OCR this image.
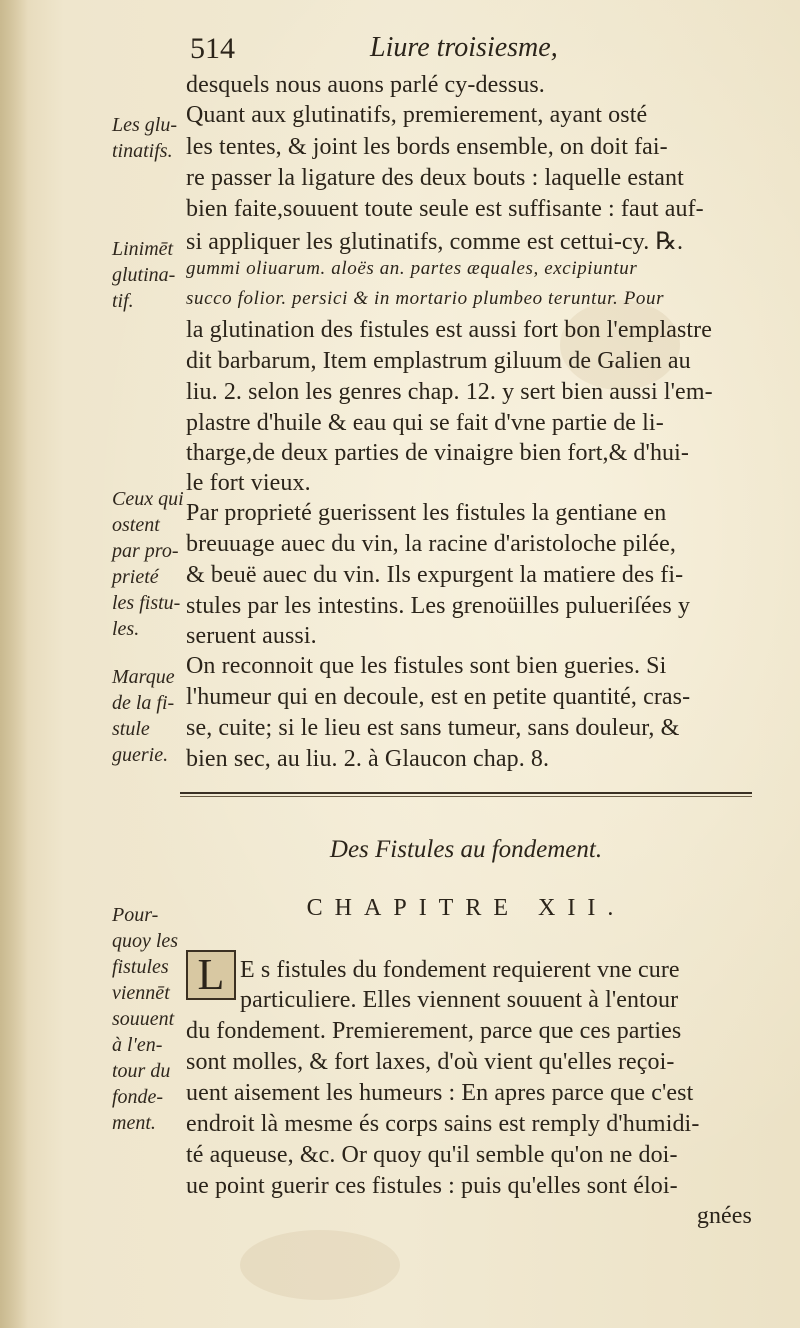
514	Liure troisiesme,
desquels nous auons parlé cy-dessus.
Quant aux glutinatifs, premierement, ayant osté
les tentes, & joint les bords ensemble, on doit fai-
re passer la ligature des deux bouts : laquelle estant
bien faite,souuent toute seule est suffisante : faut auf-
si appliquer les glutinatifs, comme est cettui-cy. ℞.
gummi oliuarum. aloës an. partes æquales, excipiuntur
succo folior. persici & in mortario plumbeo teruntur. Pour
la glutination des fistules est aussi fort bon l'emplastre
dit barbarum, Item emplastrum giluum de Galien au
liu. 2. selon les genres chap. 12. y sert bien aussi l'em-
plastre d'huile & eau qui se fait d'vne partie de li-
tharge,de deux parties de vinaigre bien fort,& d'hui-
le fort vieux.
Par proprieté guerissent les fistules la gentiane en
breuuage auec du vin, la racine d'aristoloche pilée,
& beuë auec du vin. Ils expurgent la matiere des fi-
stules par les intestins. Les grenoüilles pulueriſées y
seruent aussi.
On reconnoit que les fistules sont bien gueries. Si
l'humeur qui en decoule, est en petite quantité, cras-
se, cuite; si le lieu est sans tumeur, sans douleur, &
bien sec, au liu. 2. à Glaucon chap. 8.
E s fistules du fondement requierent vne cure
particuliere. Elles viennent souuent à l'entour
du fondement. Premierement, parce que ces parties
sont molles, & fort laxes, d'où vient qu'elles reçoi-
uent aisement les humeurs : En apres parce que c'est
endroit là mesme és corps sains est remply d'humidi-
té aqueuse, &c. Or quoy qu'il semble qu'on ne doi-
ue point guerir ces fistules : puis qu'elles sont éloi-
gnées
Les glu-
tinatifs.
Linimēt
glutina-
tif.
Ceux qui
ostent
par pro-
prieté
les fistu-
les.
Marque
de la fi-
stule
guerie.
Pour-
quoy les
fistules
viennēt
souuent
à l'en-
tour du
fonde-
ment.
Des Fistules au fondement.
CHAPITRE XII.
L
